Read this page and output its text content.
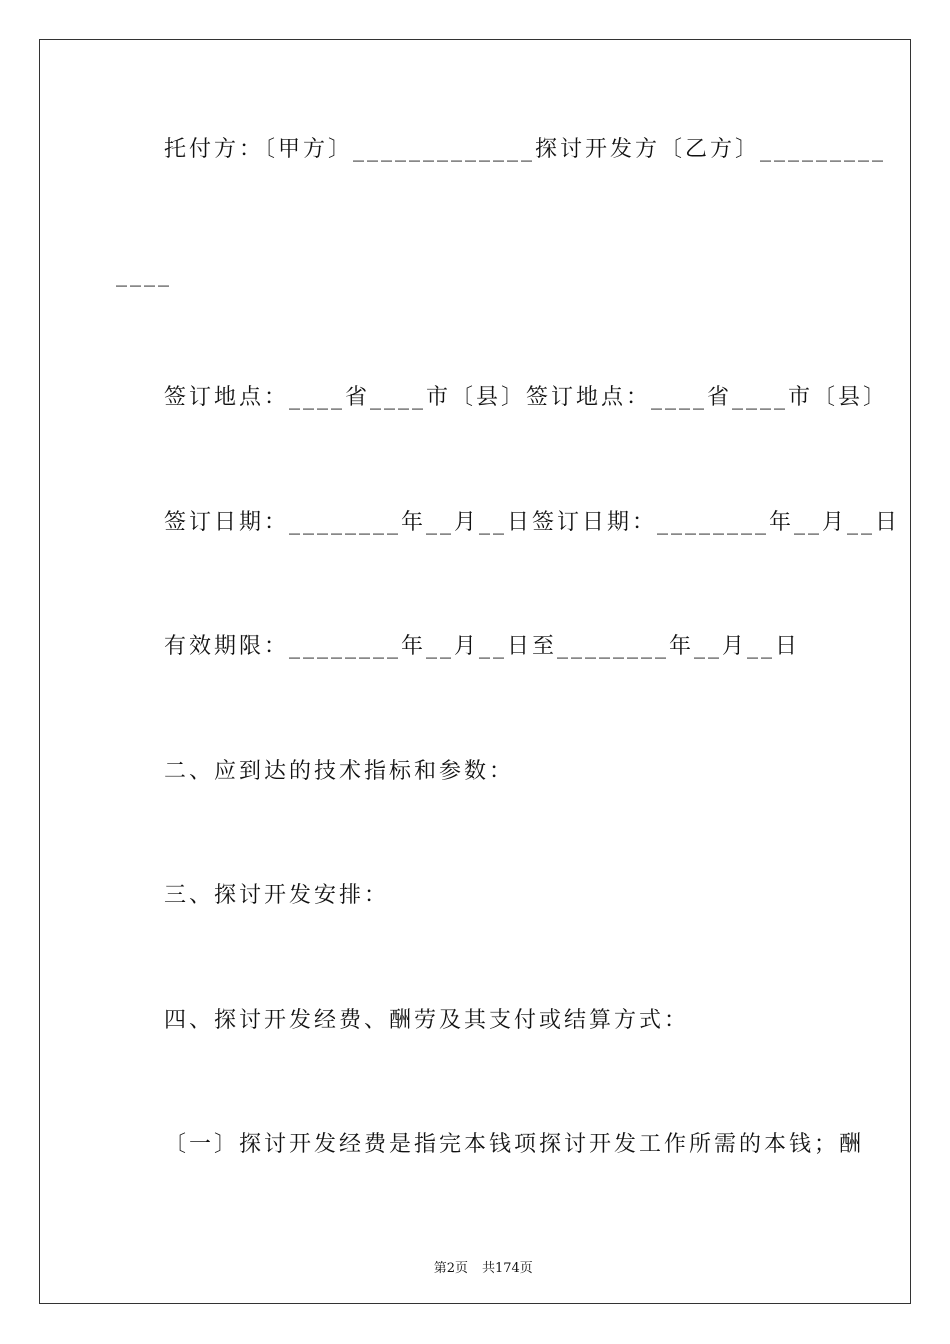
托付方：〔甲方〕_____________探讨开发方〔乙方〕_________
____
签订地点：____省____市〔县〕签订地点：____省____市〔县〕
签订日期：________年__月__日签订日期：________年__月__日
有效期限：________年__月__日至________年__月__日
二、应到达的技术指标和参数：
三、探讨开发安排：
四、探讨开发经费、酬劳及其支付或结算方式：
〔一〕探讨开发经费是指完本钱项探讨开发工作所需的本钱；酬

第2页 共174页
